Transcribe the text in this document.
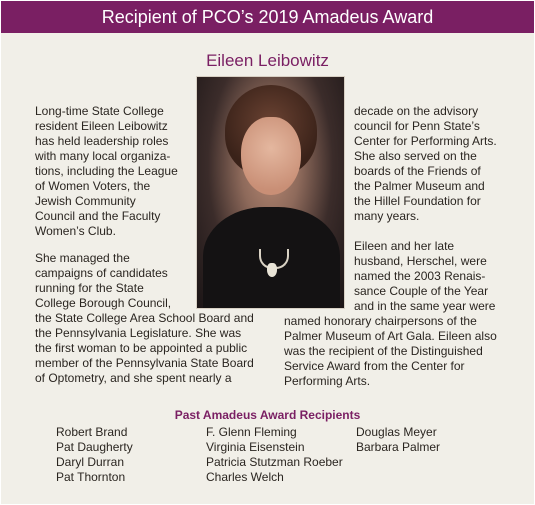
Recipient of PCO’s 2019 Amadeus Award
Eileen Leibowitz
Long-time State College
resident Eileen Leibowitz
has held leadership roles
with many local organiza-
tions, including the League
of Women Voters, the
Jewish Community
Council and the Faculty
Women’s Club.
She managed the
campaigns of candidates
running for the State
College Borough Council,
the State College Area School Board and
the Pennsylvania Legislature. She was
the first woman to be appointed a public
member of the Pennsylvania State Board
of Optometry, and she spent nearly a
decade on the advisory
council for Penn State’s
Center for Performing Arts.
She also served on the
boards of the Friends of
the Palmer Museum and
the Hillel Foundation for
many years.
Eileen and her late
husband, Herschel, were
named the 2003 Renais-
sance Couple of the Year
and in the same year were
named honorary chairpersons of the
Palmer Museum of Art Gala. Eileen also
was the recipient of the Distinguished
Service Award from the Center for
Performing Arts.
Past Amadeus Award Recipients
Robert Brand
Pat Daugherty
Daryl Durran
Pat Thornton
F. Glenn Fleming
Virginia Eisenstein
Patricia Stutzman Roeber
Charles Welch
Douglas Meyer
Barbara Palmer
